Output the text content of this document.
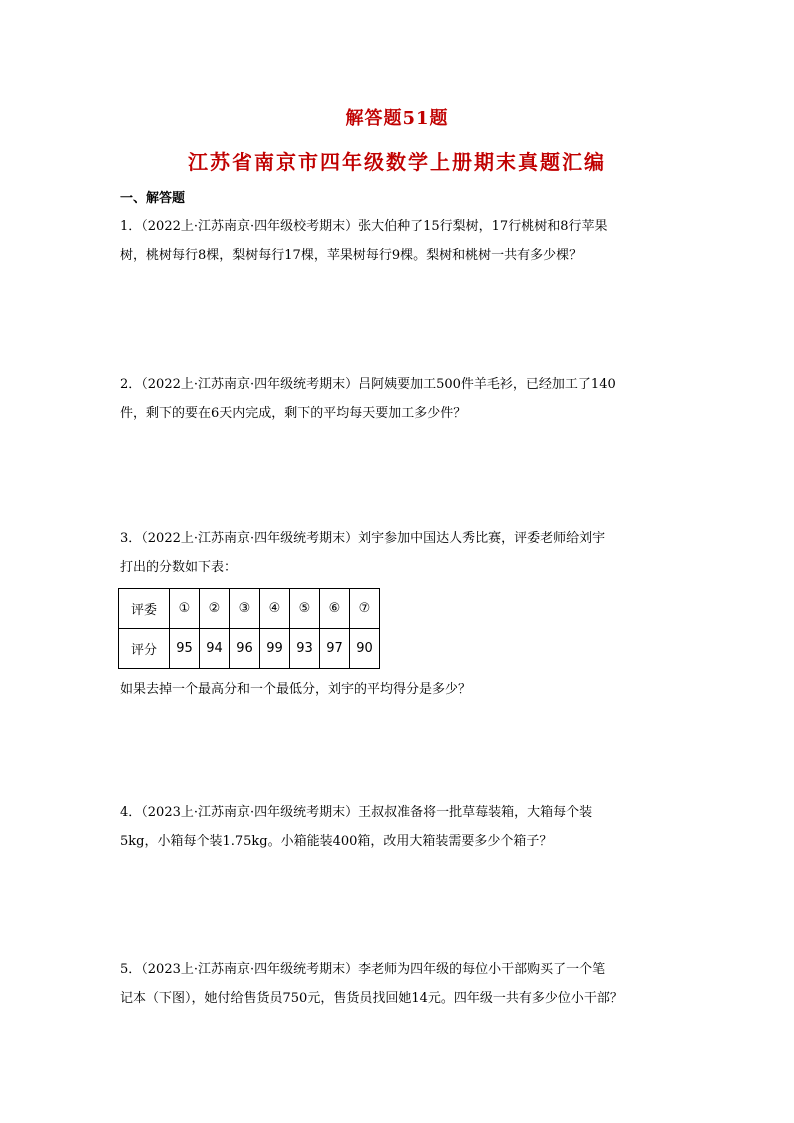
解答题51题
江苏省南京市四年级数学上册期末真题汇编
一、解答题
1．（2022上·江苏南京·四年级校考期末）张大伯种了15行梨树，17行桃树和8行苹果
树，桃树每行8棵，梨树每行17棵，苹果树每行9棵。梨树和桃树一共有多少棵？
2．（2022上·江苏南京·四年级统考期末）吕阿姨要加工500件羊毛衫，已经加工了140
件，剩下的要在6天内完成，剩下的平均每天要加工多少件？
3．（2022上·江苏南京·四年级统考期末）刘宇参加中国达人秀比赛，评委老师给刘宇
打出的分数如下表：
评委	①	②	③	④	⑤	⑥	⑦
评分	95	94	96	99	93	97	90
如果去掉一个最高分和一个最低分，刘宇的平均得分是多少？
4．（2023上·江苏南京·四年级统考期末）王叔叔准备将一批草莓装箱，大箱每个装
5kg，小箱每个装1.75kg。小箱能装400箱，改用大箱装需要多少个箱子？
5．（2023上·江苏南京·四年级统考期末）李老师为四年级的每位小干部购买了一个笔
记本（下图），她付给售货员750元，售货员找回她14元。四年级一共有多少位小干部？
